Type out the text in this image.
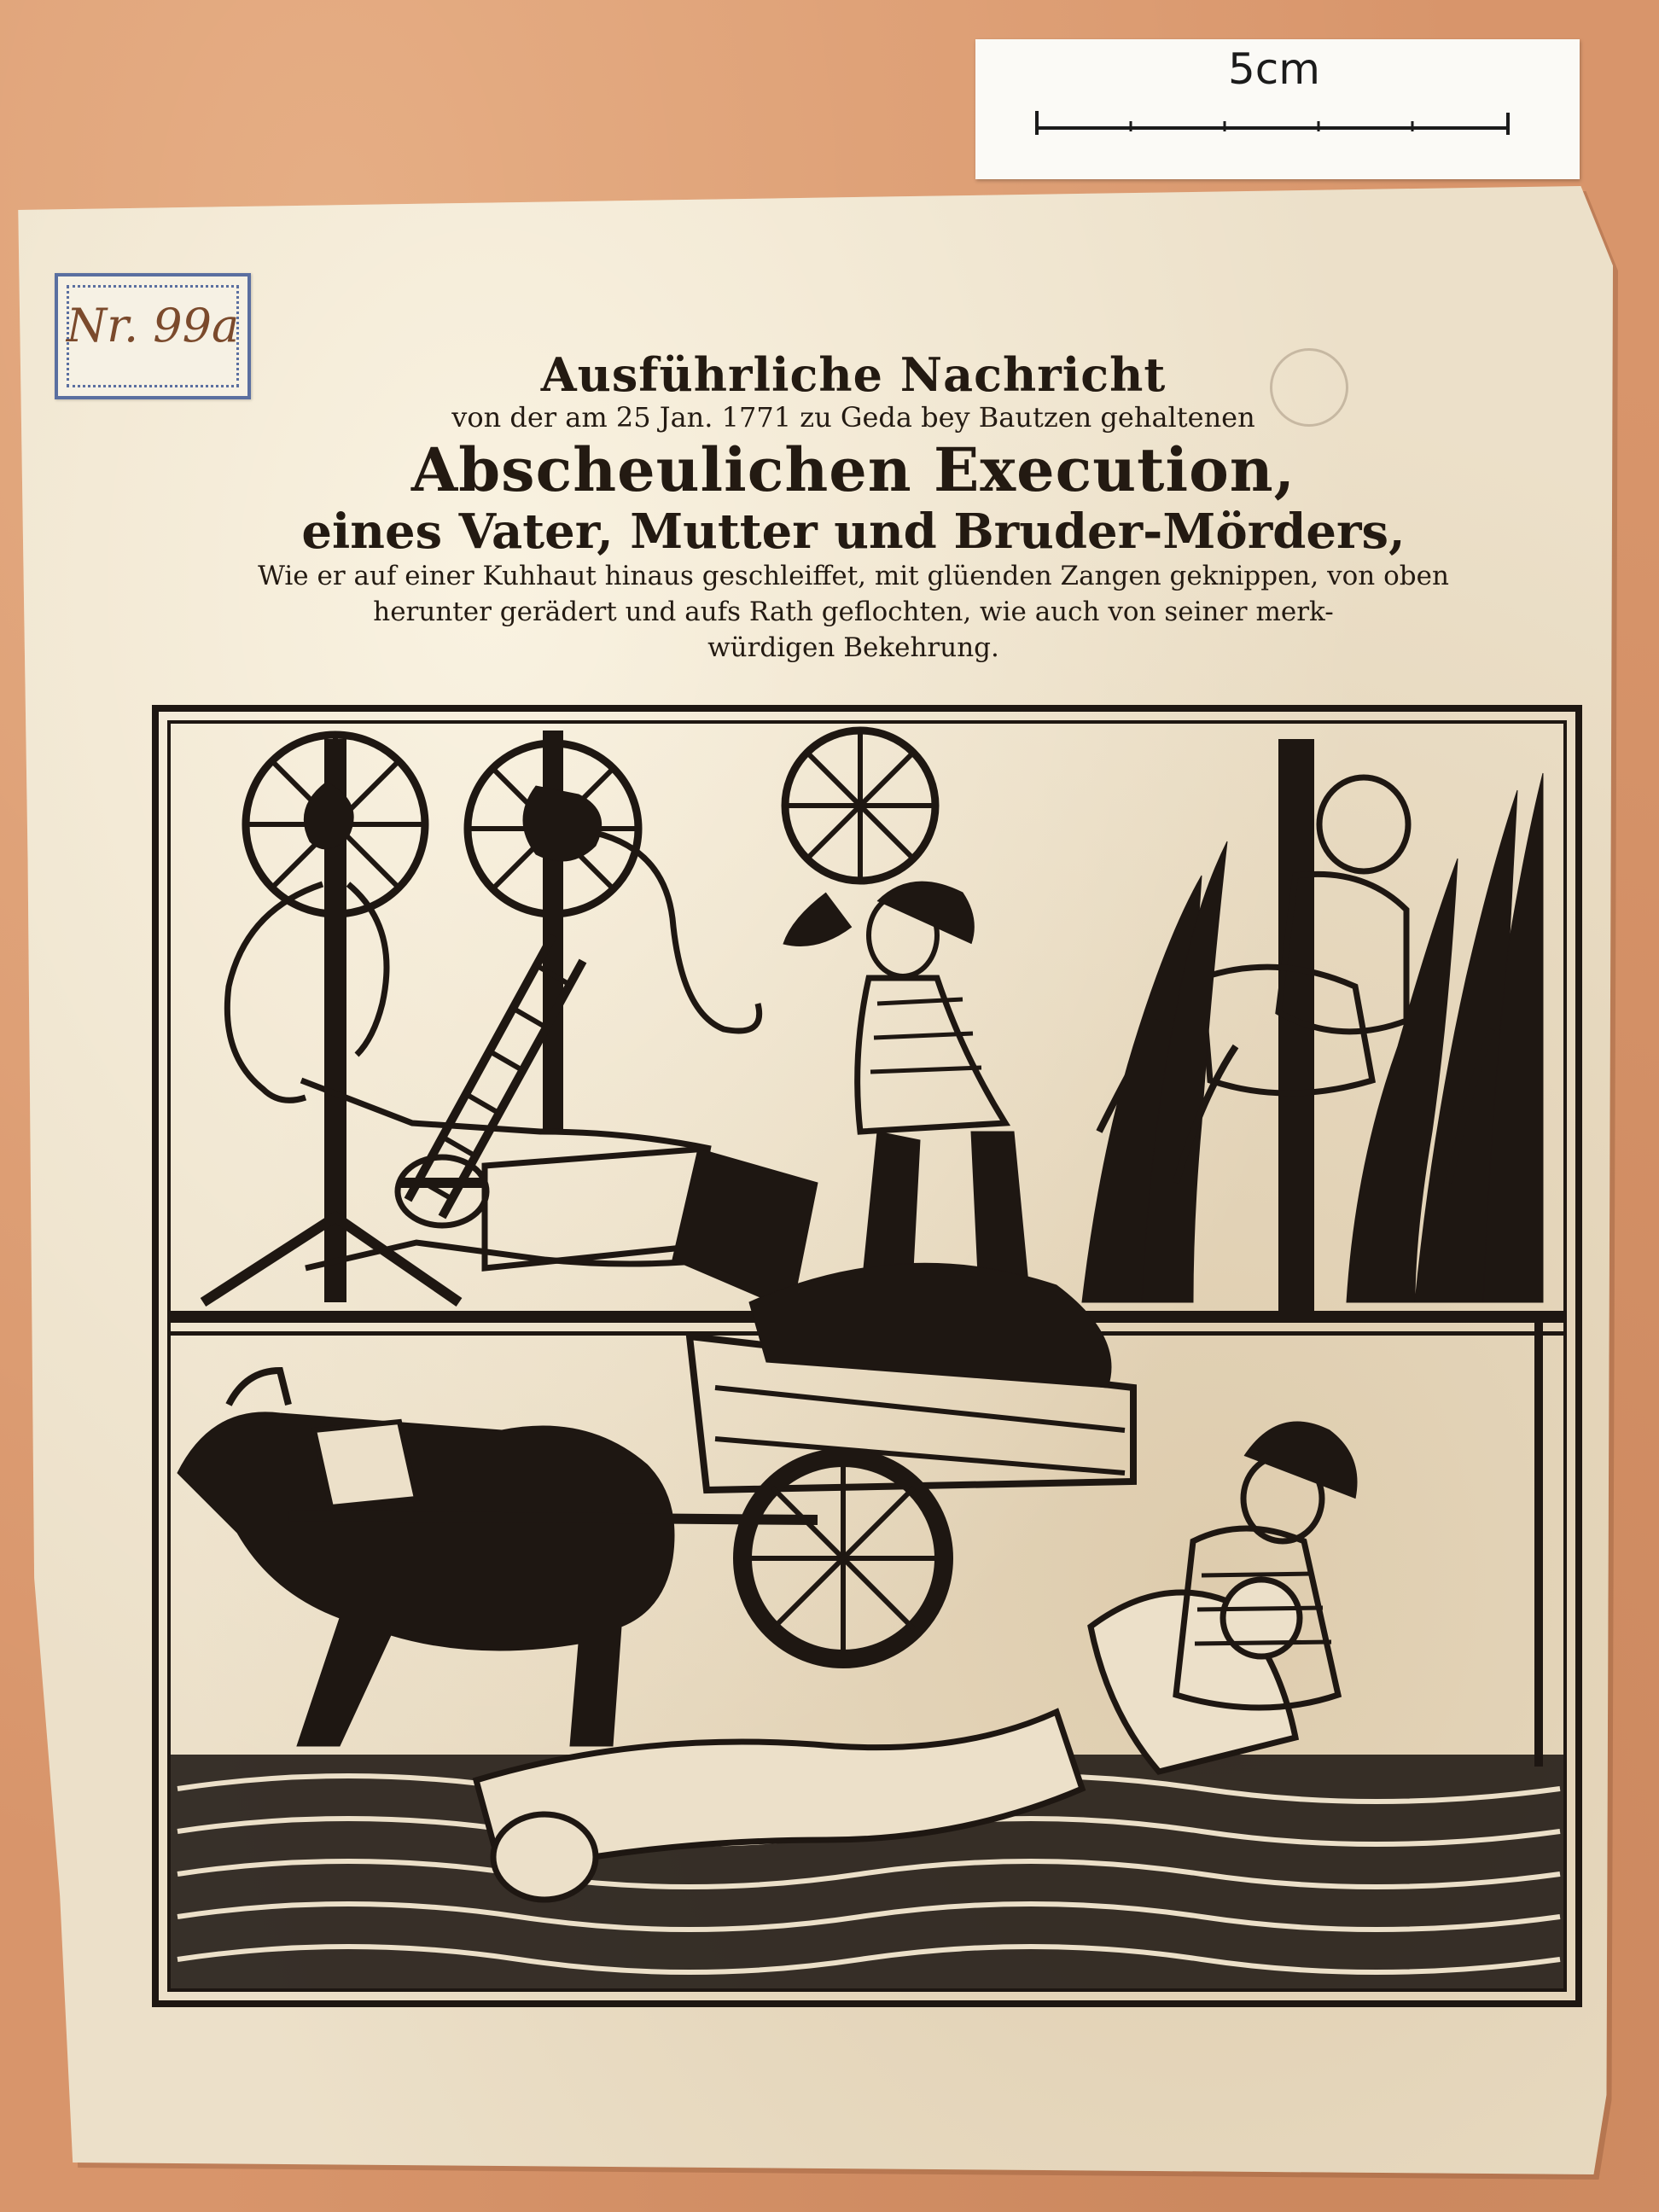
5cm
Nr. 99a
Ausführliche Nachricht
von der am 25 Jan. 1771 zu Geda bey Bautzen gehaltenen
Abscheulichen Execution,
eines Vater, Mutter und Bruder-Mörders,
Wie er auf einer Kuhhaut hinaus geschleiffet, mit glüenden Zangen geknippen, von oben
herunter gerädert und aufs Rath geflochten, wie auch von seiner merk-
würdigen Bekehrung.
